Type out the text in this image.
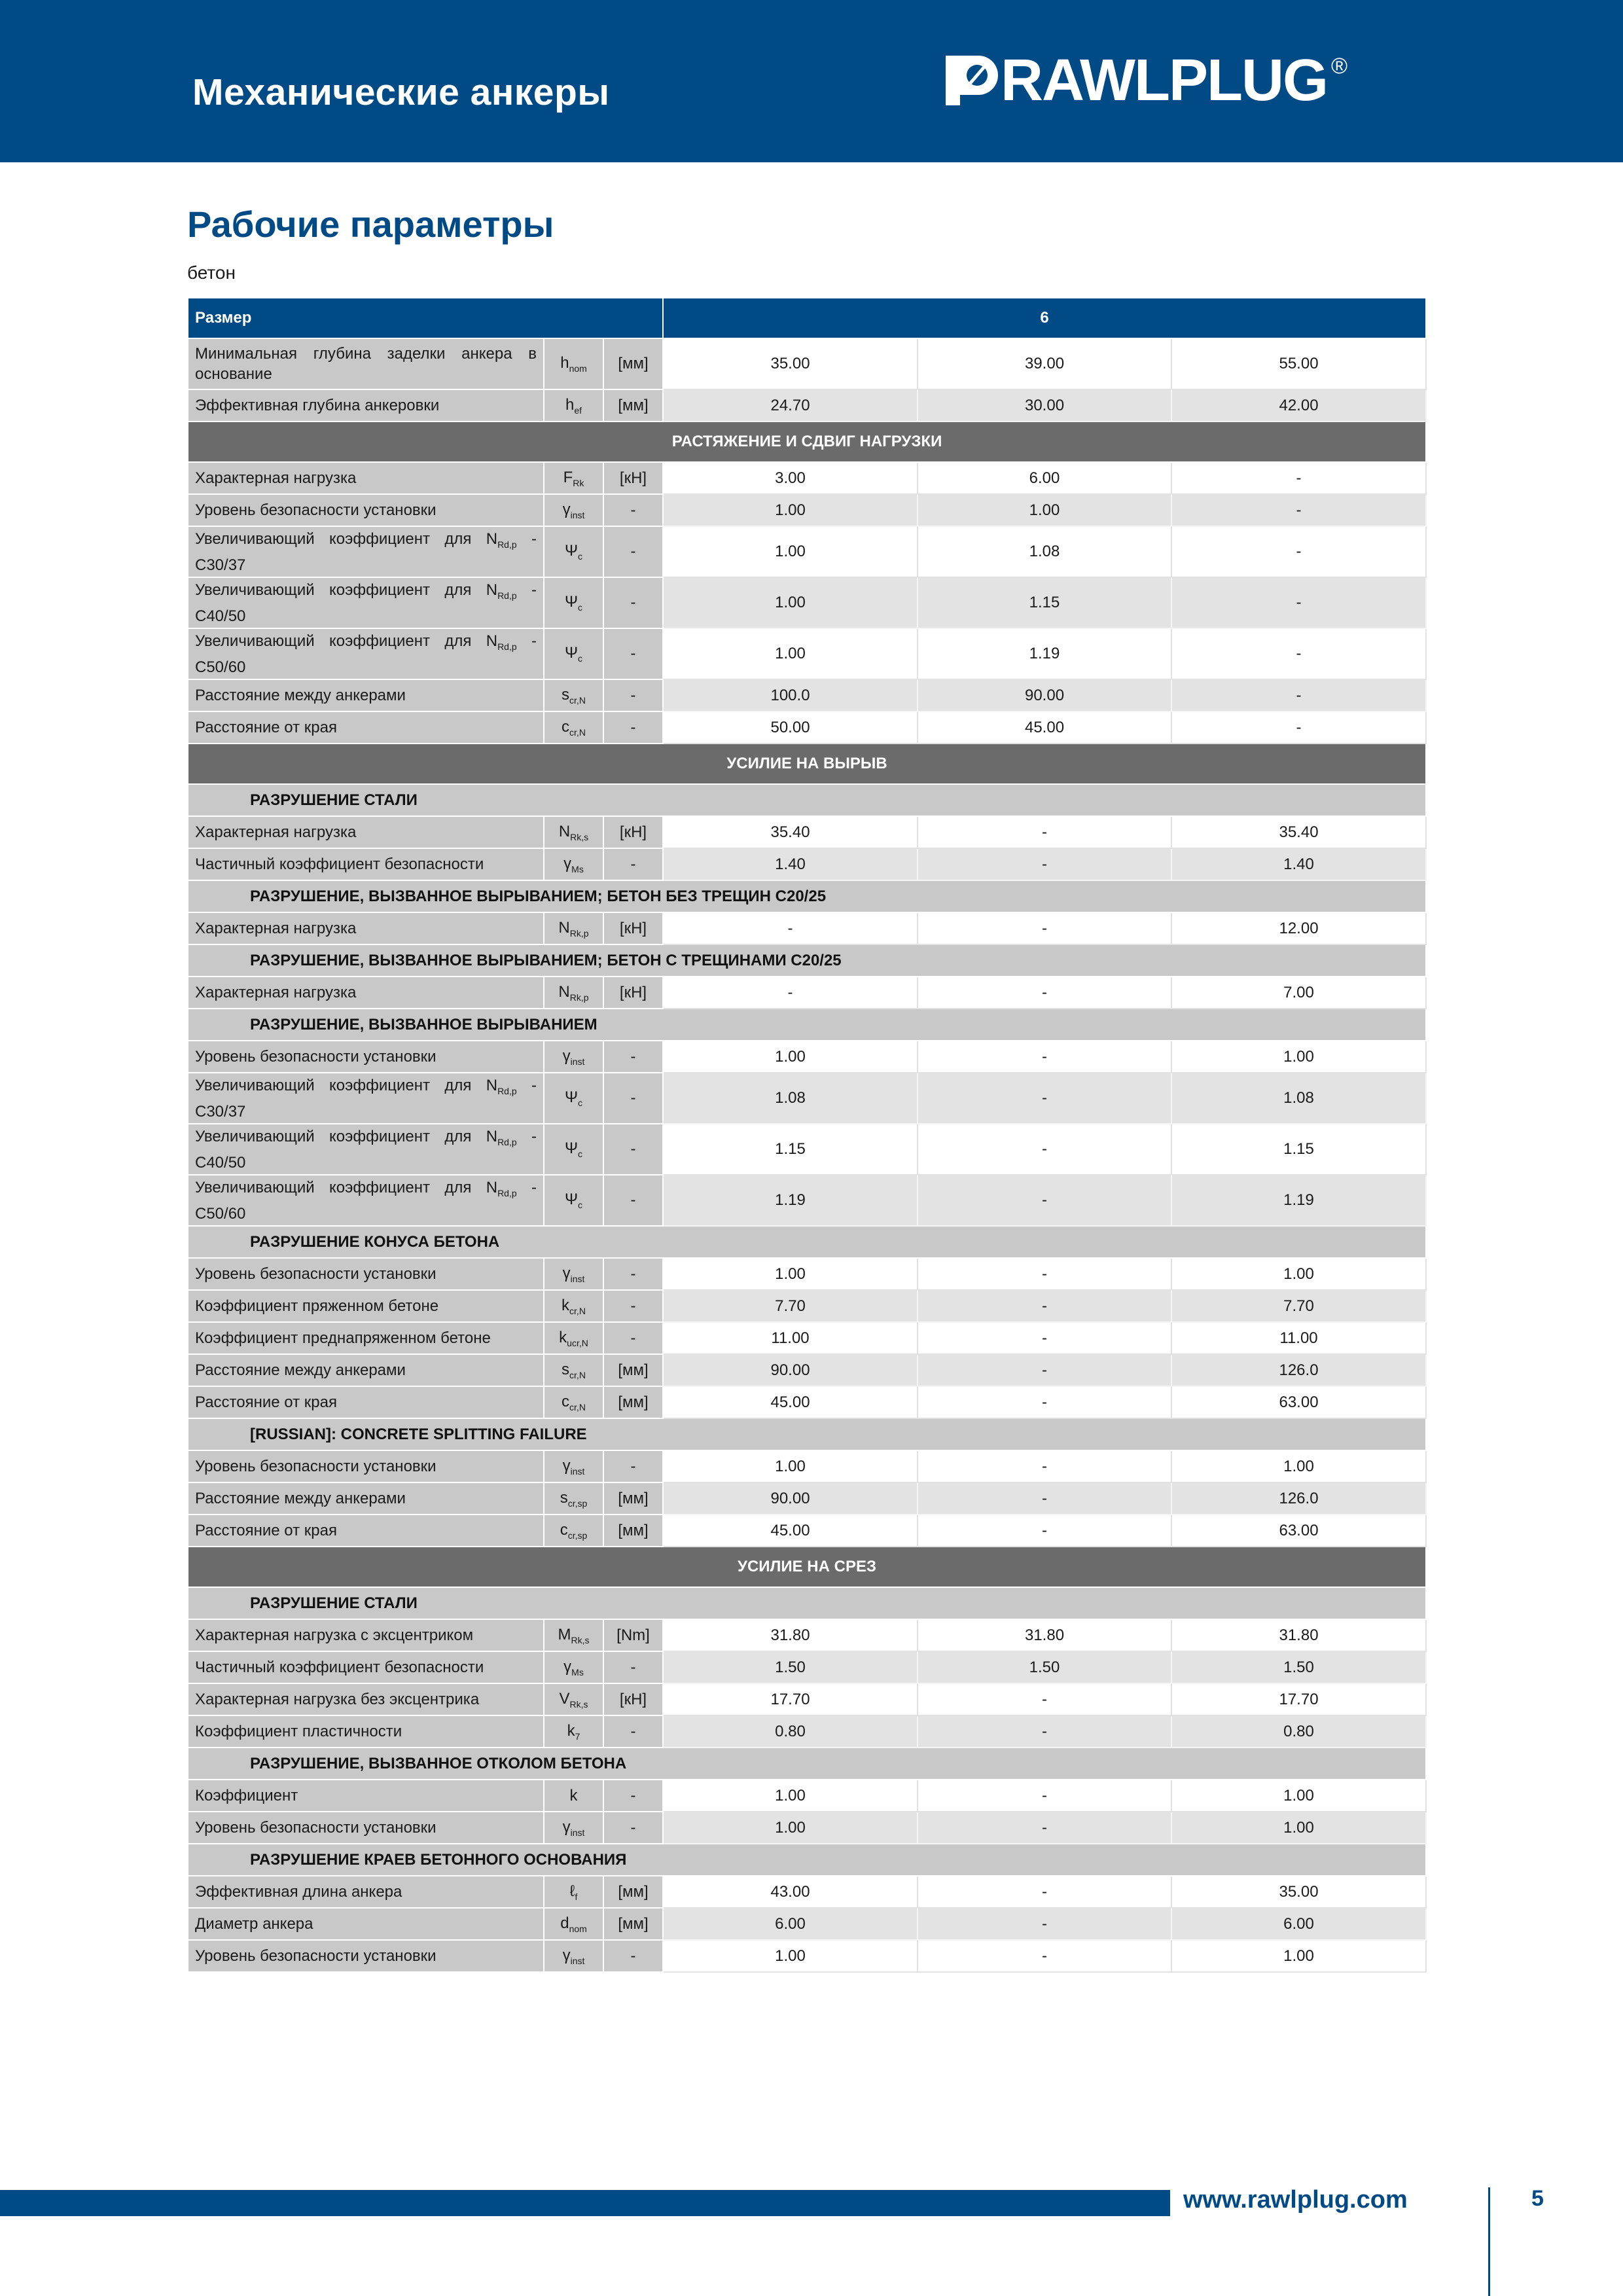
Механические анкеры	RAWLPLUG ®
Рабочие параметры
бетон
Размер			6		
Минимальная глубина заделки анкера в основание	$h_{nom}$	[мм]	35.00	39.00	55.00
Эффективная глубина анкеровки	$h_{ef}$	[мм]	24.70	30.00	42.00
РАСТЯЖЕНИЕ И СДВИГ НАГРУЗКИ					
Характерная нагрузка	$F_{Rk}$	[кН]	3.00	6.00	-
Уровень безопасности установки	$\gamma_{inst}$	-	1.00	1.00	-
Увеличивающий коэффициент для $N_{Rd,p} - C30/37$	$\Psi_c$	-	1.00	1.08	-
Увеличивающий коэффициент для $N_{Rd,p} - C40/50$	$\Psi_c$	-	1.00	1.15	-
Увеличивающий коэффициент для $N_{Rd,p} - C50/60$	$\Psi_c$	-	1.00	1.19	-
Расстояние между анкерами	$s_{cr,N}$	-	100.0	90.00	-
Расстояние от края	$c_{cr,N}$	-	50.00	45.00	-
УСИЛИЕ НА ВЫРЫВ					
РАЗРУШЕНИЕ СТАЛИ					
Характерная нагрузка	$N_{Rk,s}$	[кН]	35.40	-	35.40
Частичный коэффициент безопасности	$\gamma_{Ms}$	-	1.40	-	1.40
РАЗРУШЕНИЕ, ВЫЗВАННОЕ ВЫРЫВАНИЕМ; БЕТОН БЕЗ ТРЕЩИН C20/25					
Характерная нагрузка	$N_{Rk,p}$	[кН]	-	-	12.00
РАЗРУШЕНИЕ, ВЫЗВАННОЕ ВЫРЫВАНИЕМ; БЕТОН С ТРЕЩИНАМИ C20/25					
Характерная нагрузка	$N_{Rk,p}$	[кН]	-	-	7.00
РАЗРУШЕНИЕ, ВЫЗВАННОЕ ВЫРЫВАНИЕМ					
Уровень безопасности установки	$\gamma_{inst}$	-	1.00	-	1.00
Увеличивающий коэффициент для $N_{Rd,p} - C30/37$	$\Psi_c$	-	1.08	-	1.08
Увеличивающий коэффициент для $N_{Rd,p} - C40/50$	$\Psi_c$	-	1.15	-	1.15
Увеличивающий коэффициент для $N_{Rd,p} - C50/60$	$\Psi_c$	-	1.19	-	1.19
РАЗРУШЕНИЕ КОНУСА БЕТОНА					
Уровень безопасности установки	$\gamma_{inst}$	-	1.00	-	1.00
Коэффициент пряженном бетоне	$k_{cr,N}$	-	7.70	-	7.70
Коэффициент преднапряженном бетоне	$k_{ucr,N}$	-	11.00	-	11.00
Расстояние между анкерами	$s_{cr,N}$	[мм]	90.00	-	126.0
Расстояние от края	$c_{cr,N}$	[мм]	45.00	-	63.00
[RUSSIAN]: CONCRETE SPLITTING FAILURE					
Уровень безопасности установки	$\gamma_{inst}$	-	1.00	-	1.00
Расстояние между анкерами	$s_{cr,sp}$	[мм]	90.00	-	126.0
Расстояние от края	$c_{cr,sp}$	[мм]	45.00	-	63.00
УСИЛИЕ НА СРЕЗ					
РАЗРУШЕНИЕ СТАЛИ					
Характерная нагрузка с эксцентриком	$M_{Rk,s}$	[Nm]	31.80	31.80	31.80
Частичный коэффициент безопасности	$\gamma_{Ms}$	-	1.50	1.50	1.50
Характерная нагрузка без эксцентрика	$V_{Rk,s}$	[кН]	17.70	-	17.70
Коэффициент пластичности	$k_7$	-	0.80	-	0.80
РАЗРУШЕНИЕ, ВЫЗВАННОЕ ОТКОЛОМ БЕТОНА					
Коэффициент	k	-	1.00	-	1.00
Уровень безопасности установки	$\gamma_{inst}$	-	1.00	-	1.00
РАЗРУШЕНИЕ КРАЕВ БЕТОННОГО ОСНОВАНИЯ					
Эффективная длина анкера	ℓ$_f$	[мм]	43.00	-	35.00
Диаметр анкера	$d_{nom}$	[мм]	6.00	-	6.00
Уровень безопасности установки	$\gamma_{inst}$	-	1.00	-	1.00
www.rawlplug.com	5
